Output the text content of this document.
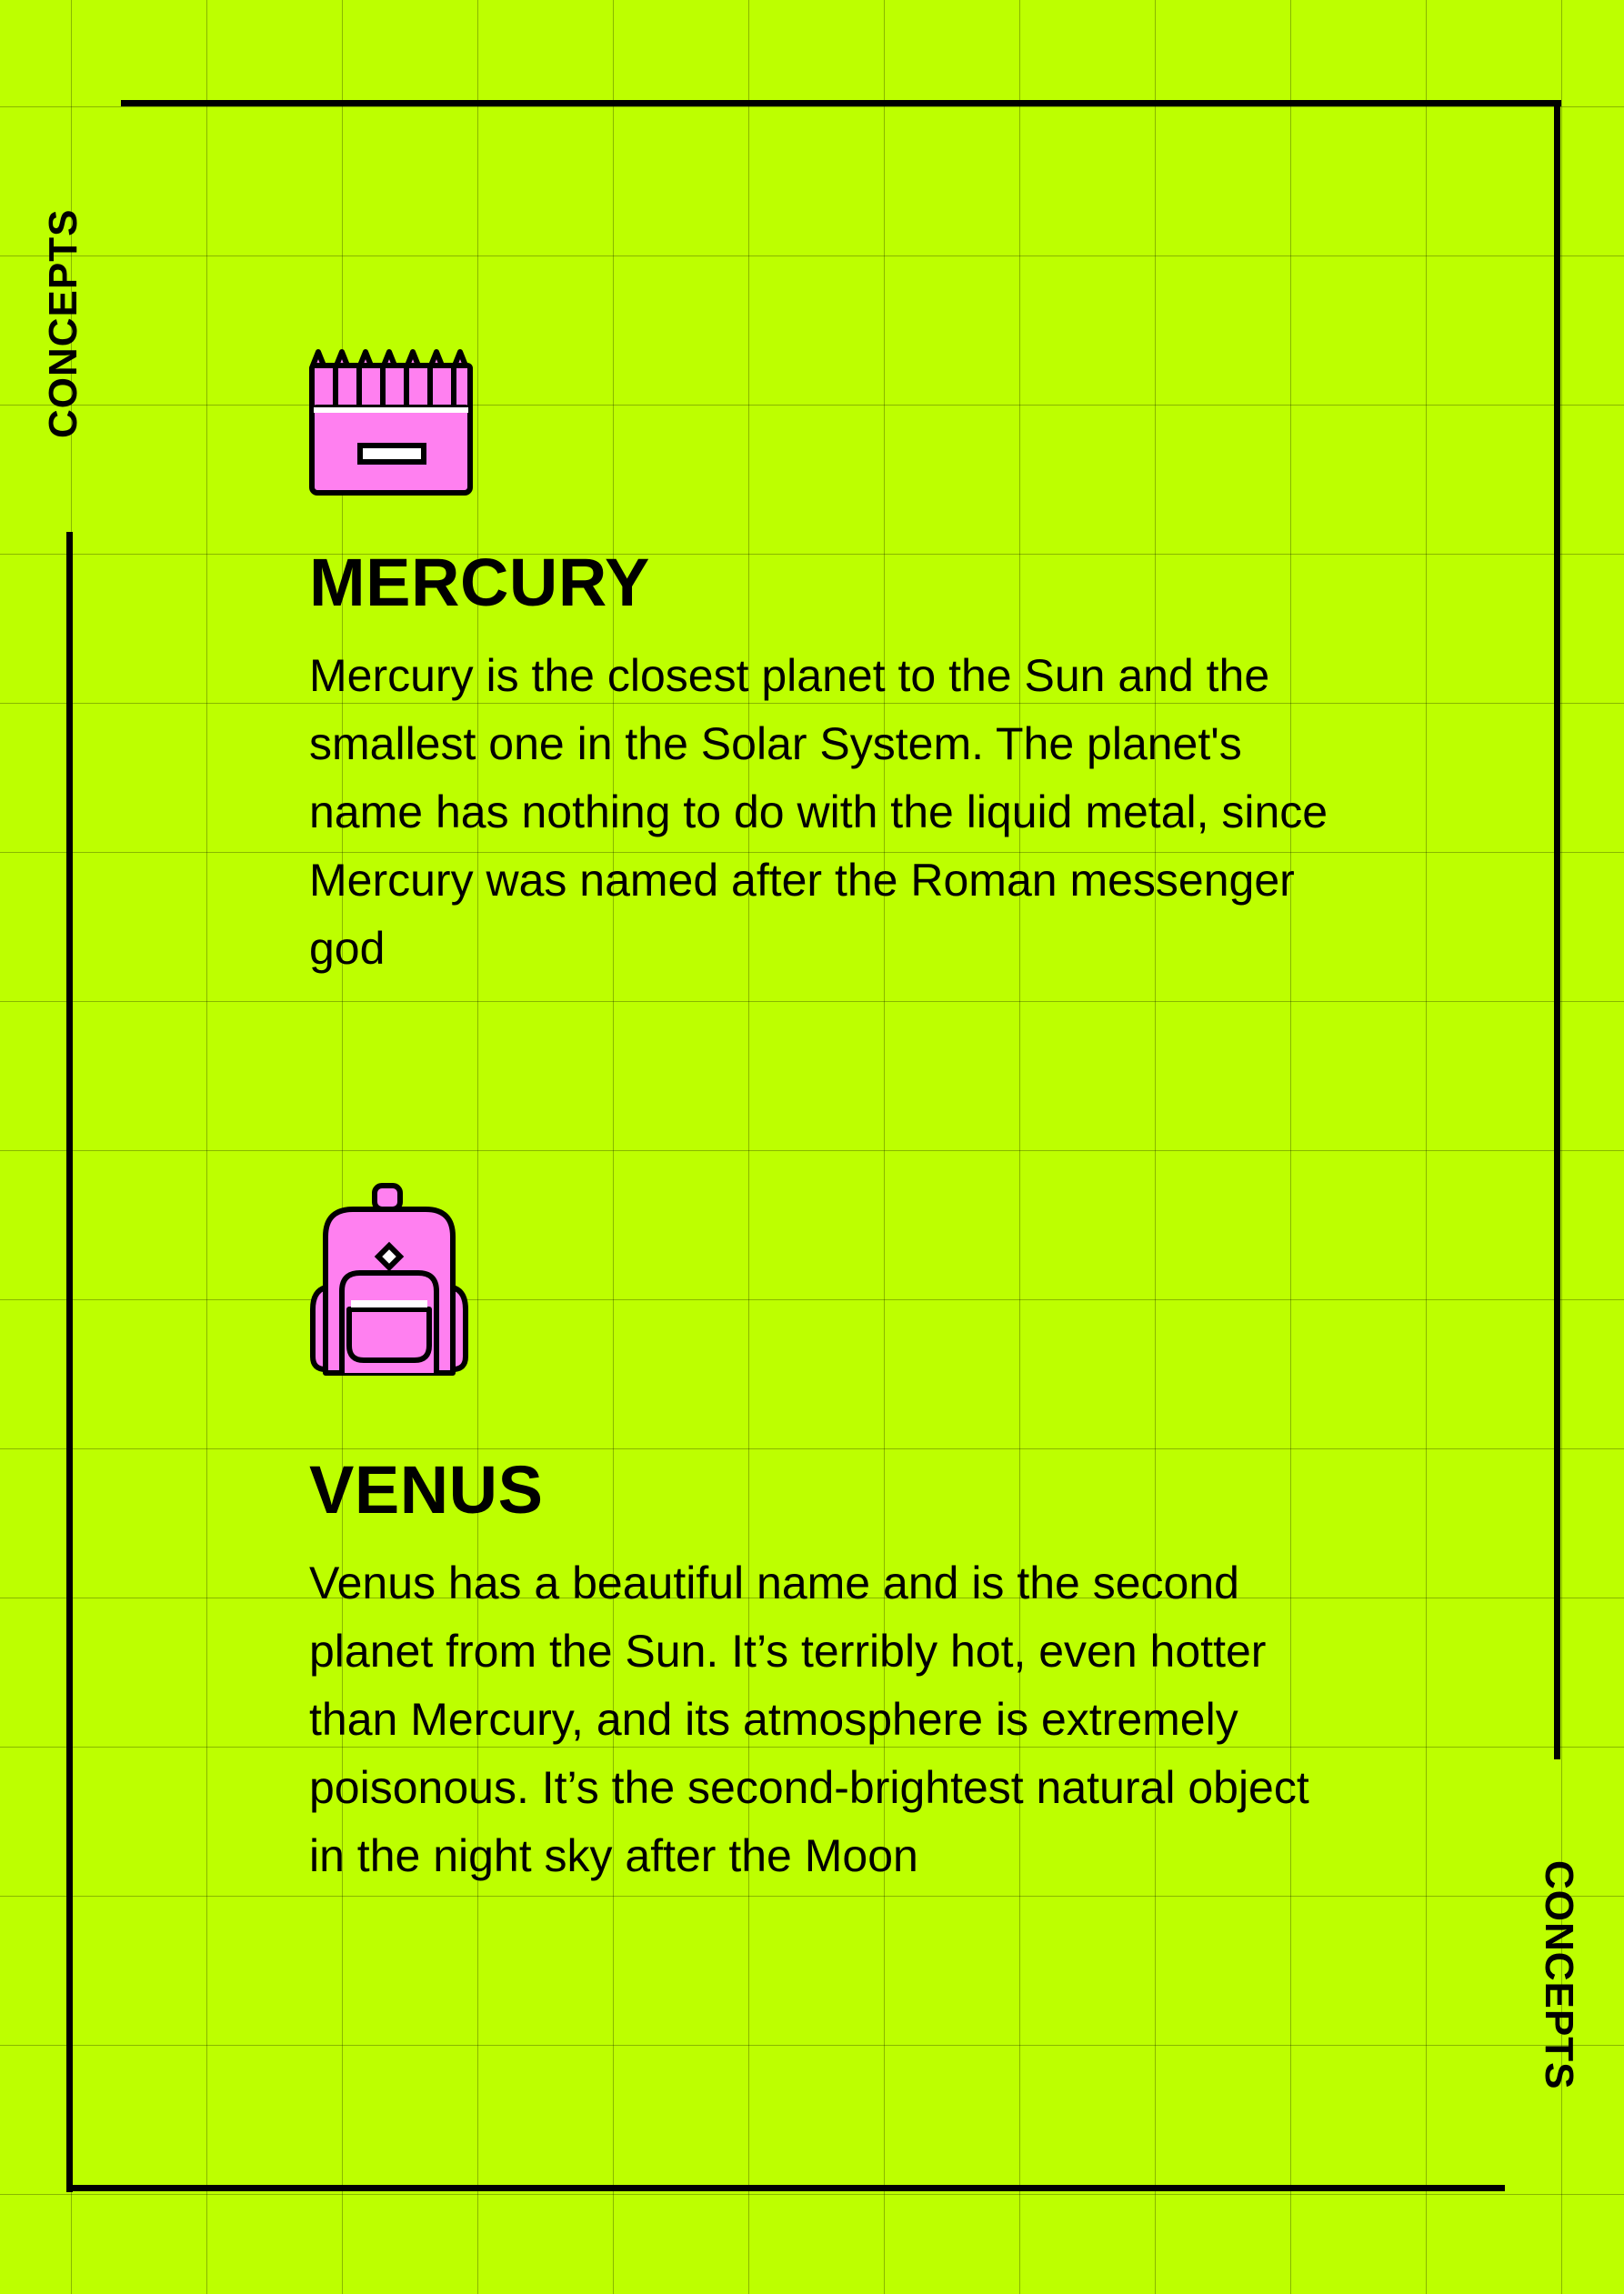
CONCEPTS
CONCEPTS
MERCURY
Mercury is the closest planet to the Sun and the smallest one in the Solar System. The planet's name has nothing to do with the liquid metal, since Mercury was named after the Roman messenger god
VENUS
Venus has a beautiful name and is the second planet from the Sun. It’s terribly hot, even hotter than Mercury, and its atmosphere is extremely poisonous. It’s the second-brightest natural object in the night sky after the Moon
